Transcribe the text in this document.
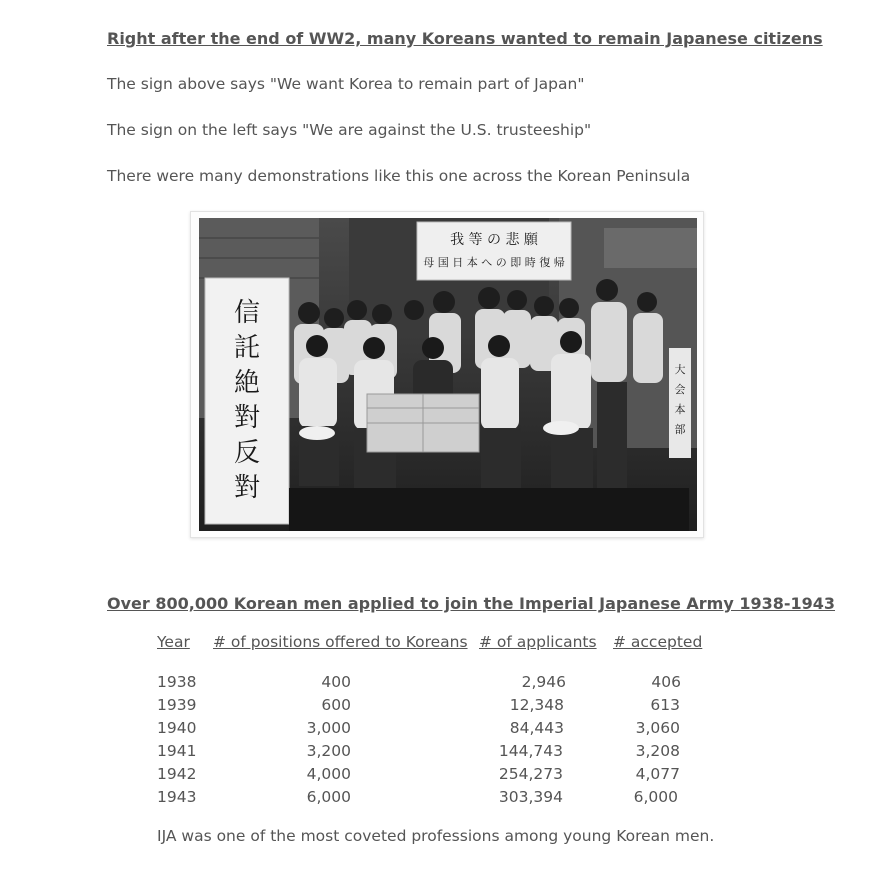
Right after the end of WW2, many Koreans wanted to remain Japanese citizens
The sign above says "We want Korea to remain part of Japan"
The sign on the left says "We are against the U.S. trusteeship"
There were many demonstrations like this one across the Korean Peninsula
我 等 の 悲 願
母 国 日 本 へ の 即 時 復 帰
信
託
絶
對
反
對
大
会
本
部
Over 800,000 Korean men applied to join the Imperial Japanese Army 1938-1943
Year # of positions offered to Koreans # of applicants # accepted
1938	400	2,946	406
1939	600	12,348	613
1940	3,000	84,443	3,060
1941	3,200	144,743	3,208
1942	4,000	254,273	4,077
1943	6,000	303,394	6,000
IJA was one of the most coveted professions among young Korean men.
